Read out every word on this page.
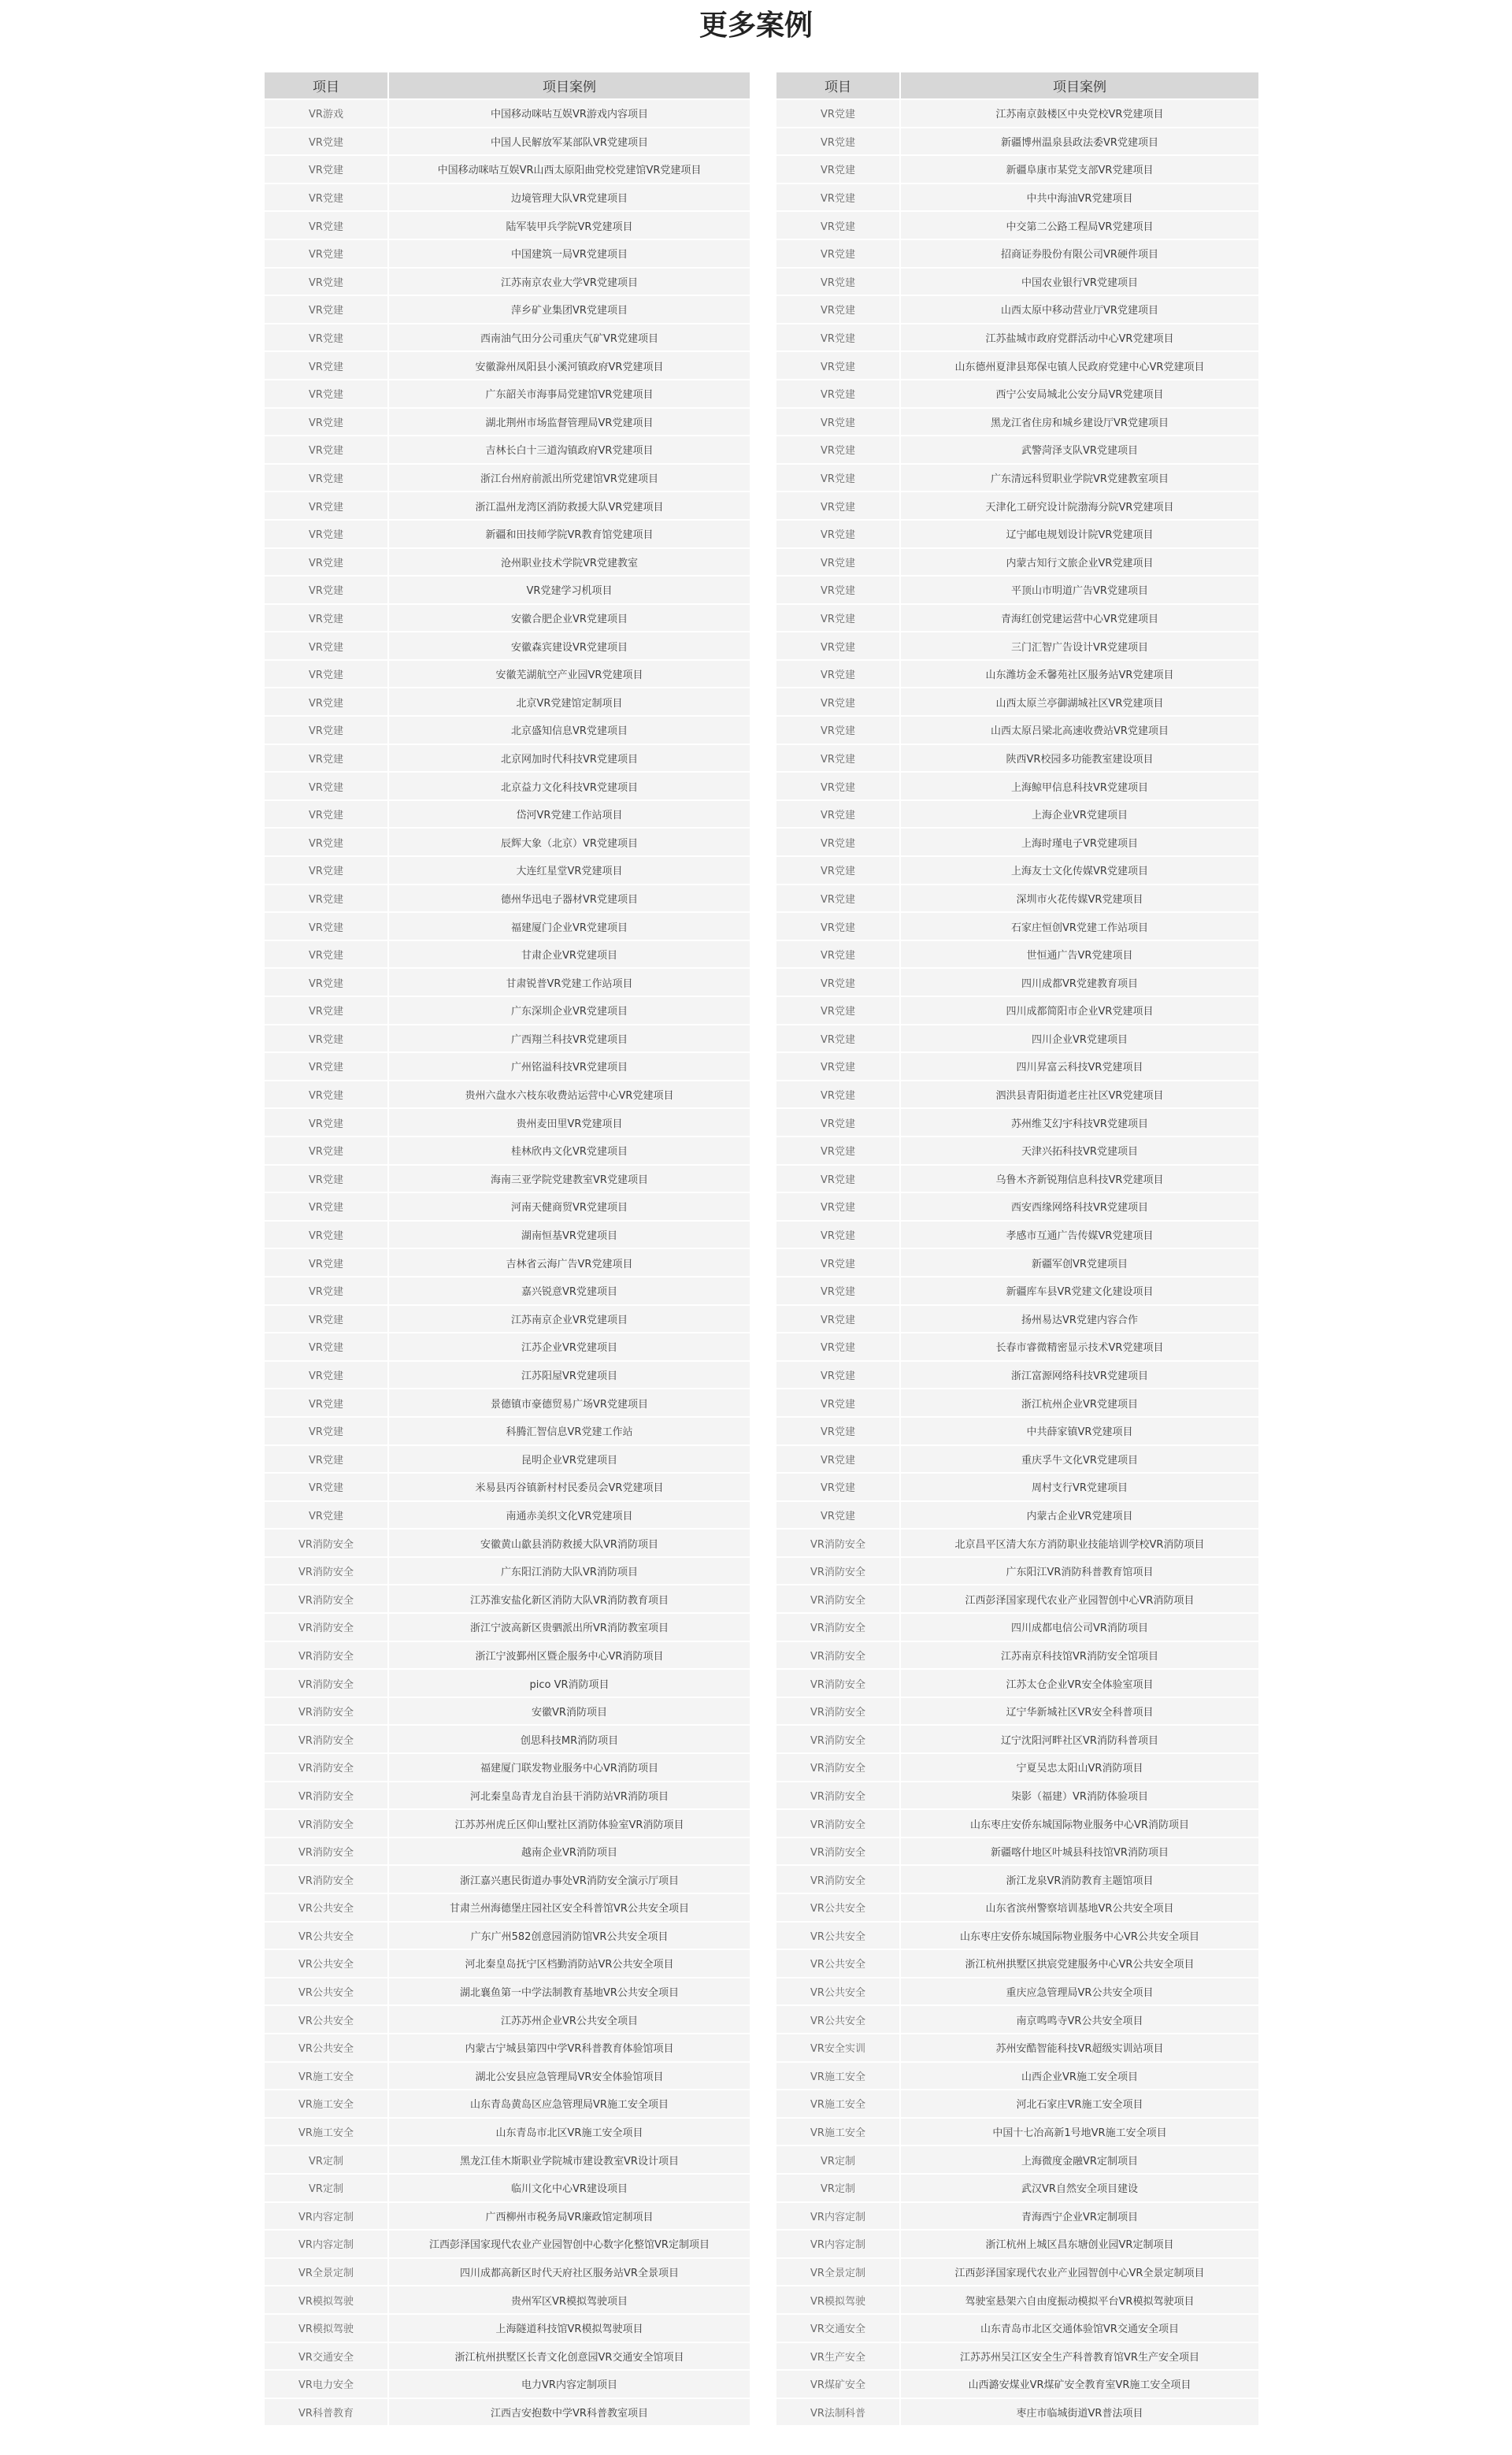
更多案例
项目	项目案例
VR游戏	中国移动咪咕互娱VR游戏内容项目
VR党建	中国人民解放军某部队VR党建项目
VR党建	中国移动咪咕互娱VR山西太原阳曲党校党建馆VR党建项目
VR党建	边境管理大队VR党建项目
VR党建	陆军装甲兵学院VR党建项目
VR党建	中国建筑一局VR党建项目
VR党建	江苏南京农业大学VR党建项目
VR党建	萍乡矿业集团VR党建项目
VR党建	西南油气田分公司重庆气矿VR党建项目
VR党建	安徽滁州凤阳县小溪河镇政府VR党建项目
VR党建	广东韶关市海事局党建馆VR党建项目
VR党建	湖北荆州市场监督管理局VR党建项目
VR党建	吉林长白十三道沟镇政府VR党建项目
VR党建	浙江台州府前派出所党建馆VR党建项目
VR党建	浙江温州龙湾区消防救援大队VR党建项目
VR党建	新疆和田技师学院VR教育馆党建项目
VR党建	沧州职业技术学院VR党建教室
VR党建	VR党建学习机项目
VR党建	安徽合肥企业VR党建项目
VR党建	安徽森宾建设VR党建项目
VR党建	安徽芜湖航空产业园VR党建项目
VR党建	北京VR党建馆定制项目
VR党建	北京盛知信息VR党建项目
VR党建	北京网加时代科技VR党建项目
VR党建	北京益力文化科技VR党建项目
VR党建	岱河VR党建工作站项目
VR党建	辰辉大象（北京）VR党建项目
VR党建	大连红星堂VR党建项目
VR党建	德州华迅电子器材VR党建项目
VR党建	福建厦门企业VR党建项目
VR党建	甘肃企业VR党建项目
VR党建	甘肃锐普VR党建工作站项目
VR党建	广东深圳企业VR党建项目
VR党建	广西翔兰科技VR党建项目
VR党建	广州铭溢科技VR党建项目
VR党建	贵州六盘水六枝东收费站运营中心VR党建项目
VR党建	贵州麦田里VR党建项目
VR党建	桂林欣冉文化VR党建项目
VR党建	海南三亚学院党建教室VR党建项目
VR党建	河南天健商贸VR党建项目
VR党建	湖南恒基VR党建项目
VR党建	吉林省云海广告VR党建项目
VR党建	嘉兴锐意VR党建项目
VR党建	江苏南京企业VR党建项目
VR党建	江苏企业VR党建项目
VR党建	江苏阳屋VR党建项目
VR党建	景德镇市豪德贸易广场VR党建项目
VR党建	科腾汇智信息VR党建工作站
VR党建	昆明企业VR党建项目
VR党建	米易县丙谷镇新村村民委员会VR党建项目
VR党建	南通赤美织文化VR党建项目
VR消防安全	安徽黄山歙县消防救援大队VR消防项目
VR消防安全	广东阳江消防大队VR消防项目
VR消防安全	江苏淮安盐化新区消防大队VR消防教育项目
VR消防安全	浙江宁波高新区贵驷派出所VR消防教室项目
VR消防安全	浙江宁波鄞州区暨企服务中心VR消防项目
VR消防安全	pico VR消防项目
VR消防安全	安徽VR消防项目
VR消防安全	创思科技MR消防项目
VR消防安全	福建厦门联发物业服务中心VR消防项目
VR消防安全	河北秦皇岛青龙自治县干消防站VR消防项目
VR消防安全	江苏苏州虎丘区仰山墅社区消防体验室VR消防项目
VR消防安全	越南企业VR消防项目
VR消防安全	浙江嘉兴惠民街道办事处VR消防安全演示厅项目
VR公共安全	甘肃兰州海德堡庄园社区安全科普馆VR公共安全项目
VR公共安全	广东广州582创意园消防馆VR公共安全项目
VR公共安全	河北秦皇岛抚宁区档勤消防站VR公共安全项目
VR公共安全	湖北襄鱼第一中学法制教育基地VR公共安全项目
VR公共安全	江苏苏州企业VR公共安全项目
VR公共安全	内蒙古宁城县第四中学VR科普教育体验馆项目
VR施工安全	湖北公安县应急管理局VR安全体验馆项目
VR施工安全	山东青岛黄岛区应急管理局VR施工安全项目
VR施工安全	山东青岛市北区VR施工安全项目
VR定制	黑龙江佳木斯职业学院城市建设教室VR设计项目
VR定制	临川文化中心VR建设项目
VR内容定制	广西柳州市税务局VR廉政馆定制项目
VR内容定制	江西彭泽国家现代农业产业园智创中心数字化整馆VR定制项目
VR全景定制	四川成都高新区时代天府社区服务站VR全景项目
VR模拟驾驶	贵州军区VR模拟驾驶项目
VR模拟驾驶	上海隧道科技馆VR模拟驾驶项目
VR交通安全	浙江杭州拱墅区长青文化创意园VR交通安全馆项目
VR电力安全	电力VR内容定制项目
VR科普教育	江西吉安抱数中学VR科普教室项目
项目	项目案例
VR党建	江苏南京鼓楼区中央党校VR党建项目
VR党建	新疆博州温泉县政法委VR党建项目
VR党建	新疆阜康市某党支部VR党建项目
VR党建	中共中海油VR党建项目
VR党建	中交第二公路工程局VR党建项目
VR党建	招商证券股份有限公司VR硬件项目
VR党建	中国农业银行VR党建项目
VR党建	山西太原中移动营业厅VR党建项目
VR党建	江苏盐城市政府党群活动中心VR党建项目
VR党建	山东德州夏津县郑保屯镇人民政府党建中心VR党建项目
VR党建	西宁公安局城北公安分局VR党建项目
VR党建	黑龙江省住房和城乡建设厅VR党建项目
VR党建	武警菏泽支队VR党建项目
VR党建	广东清远科贸职业学院VR党建教室项目
VR党建	天津化工研究设计院渤海分院VR党建项目
VR党建	辽宁邮电规划设计院VR党建项目
VR党建	内蒙古知行文旅企业VR党建项目
VR党建	平顶山市明道广告VR党建项目
VR党建	青海红创党建运营中心VR党建项目
VR党建	三门汇智广告设计VR党建项目
VR党建	山东潍坊金禾馨苑社区服务站VR党建项目
VR党建	山西太原兰亭御湖城社区VR党建项目
VR党建	山西太原吕梁北高速收费站VR党建项目
VR党建	陕西VR校园多功能教室建设项目
VR党建	上海鲸甲信息科技VR党建项目
VR党建	上海企业VR党建项目
VR党建	上海时瑾电子VR党建项目
VR党建	上海友士文化传媒VR党建项目
VR党建	深圳市火花传媒VR党建项目
VR党建	石家庄恒创VR党建工作站项目
VR党建	世恒通广告VR党建项目
VR党建	四川成都VR党建教育项目
VR党建	四川成都简阳市企业VR党建项目
VR党建	四川企业VR党建项目
VR党建	四川昇富云科技VR党建项目
VR党建	泗洪县青阳街道老庄社区VR党建项目
VR党建	苏州维艾幻宇科技VR党建项目
VR党建	天津兴拓科技VR党建项目
VR党建	乌鲁木齐新锐翔信息科技VR党建项目
VR党建	西安西缘网络科技VR党建项目
VR党建	孝感市互通广告传媒VR党建项目
VR党建	新疆军创VR党建项目
VR党建	新疆库车县VR党建文化建设项目
VR党建	扬州易达VR党建内容合作
VR党建	长春市睿微精密显示技术VR党建项目
VR党建	浙江富源网络科技VR党建项目
VR党建	浙江杭州企业VR党建项目
VR党建	中共薛家镇VR党建项目
VR党建	重庆孚牛文化VR党建项目
VR党建	周村支行VR党建项目
VR党建	内蒙古企业VR党建项目
VR消防安全	北京昌平区清大东方消防职业技能培训学校VR消防项目
VR消防安全	广东阳江VR消防科普教育馆项目
VR消防安全	江西彭泽国家现代农业产业园智创中心VR消防项目
VR消防安全	四川成都电信公司VR消防项目
VR消防安全	江苏南京科技馆VR消防安全馆项目
VR消防安全	江苏太仓企业VR安全体验室项目
VR消防安全	辽宁华新城社区VR安全科普项目
VR消防安全	辽宁沈阳河畔社区VR消防科普项目
VR消防安全	宁夏吴忠太阳山VR消防项目
VR消防安全	柒影（福建）VR消防体验项目
VR消防安全	山东枣庄安侨东城国际物业服务中心VR消防项目
VR消防安全	新疆喀什地区叶城县科技馆VR消防项目
VR消防安全	浙江龙泉VR消防教育主题馆项目
VR公共安全	山东省滨州警察培训基地VR公共安全项目
VR公共安全	山东枣庄安侨东城国际物业服务中心VR公共安全项目
VR公共安全	浙江杭州拱墅区拱宸党建服务中心VR公共安全项目
VR公共安全	重庆应急管理局VR公共安全项目
VR公共安全	南京鸣鸣寺VR公共安全项目
VR安全实训	苏州安酷智能科技VR超级实训站项目
VR施工安全	山西企业VR施工安全项目
VR施工安全	河北石家庄VR施工安全项目
VR施工安全	中国十七冶高新1号地VR施工安全项目
VR定制	上海微度金融VR定制项目
VR定制	武汉VR自然安全项目建设
VR内容定制	青海西宁企业VR定制项目
VR内容定制	浙江杭州上城区昌东塘创业园VR定制项目
VR全景定制	江西彭泽国家现代农业产业园智创中心VR全景定制项目
VR模拟驾驶	驾驶室悬架六自由度振动模拟平台VR模拟驾驶项目
VR交通安全	山东青岛市北区交通体验馆VR交通安全项目
VR生产安全	江苏苏州吴江区安全生产科普教育馆VR生产安全项目
VR煤矿安全	山西潞安煤业VR煤矿安全教育室VR施工安全项目
VR法制科普	枣庄市临城街道VR普法项目
